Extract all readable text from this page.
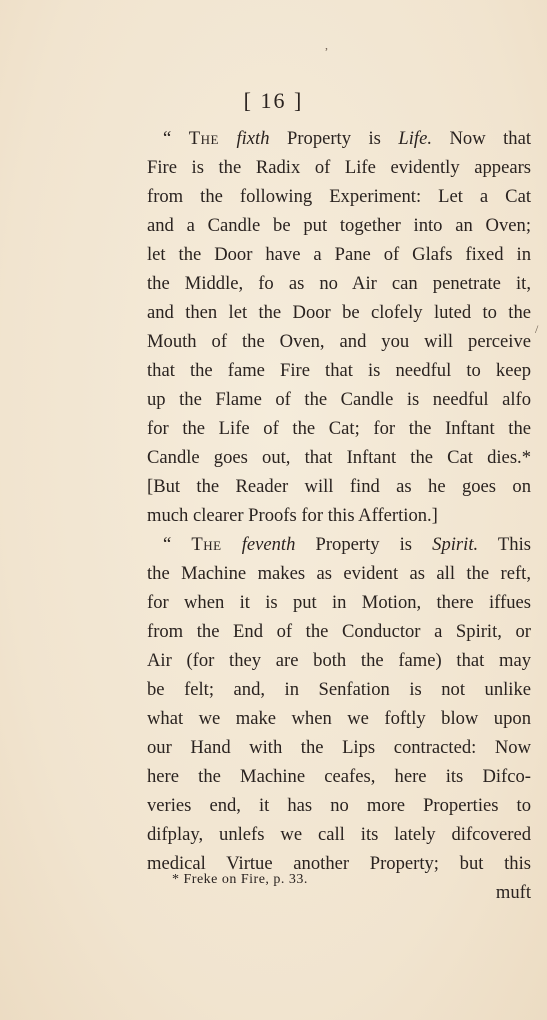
[ 16 ]
“ The fixth Property is Life. Now that
Fire is the Radix of Life evidently appears
from the following Experiment: Let a Cat
and a Candle be put together into an Oven;
let the Door have a Pane of Glafs fixed in
the Middle, fo as no Air can penetrate it,
and then let the Door be clofely luted to the
Mouth of the Oven, and you will perceive
that the fame Fire that is needful to keep
up the Flame of the Candle is needful alfo
for the Life of the Cat; for the Inftant the
Candle goes out, that Inftant the Cat dies.*
[But the Reader will find as he goes on
much clearer Proofs for this Affertion.]
“ The feventh Property is Spirit. This
the Machine makes as evident as all the reft,
for when it is put in Motion, there iffues
from the End of the Conductor a Spirit, or
Air (for they are both the fame) that may
be felt; and, in Senfation is not unlike
what we make when we foftly blow upon
our Hand with the Lips contracted: Now
here the Machine ceafes, here its Difco-
veries end, it has no more Properties to
difplay, unlefs we call its lately difcovered
medical Virtue another Property; but this
muft
* Freke on Fire, p. 33.
/
,
